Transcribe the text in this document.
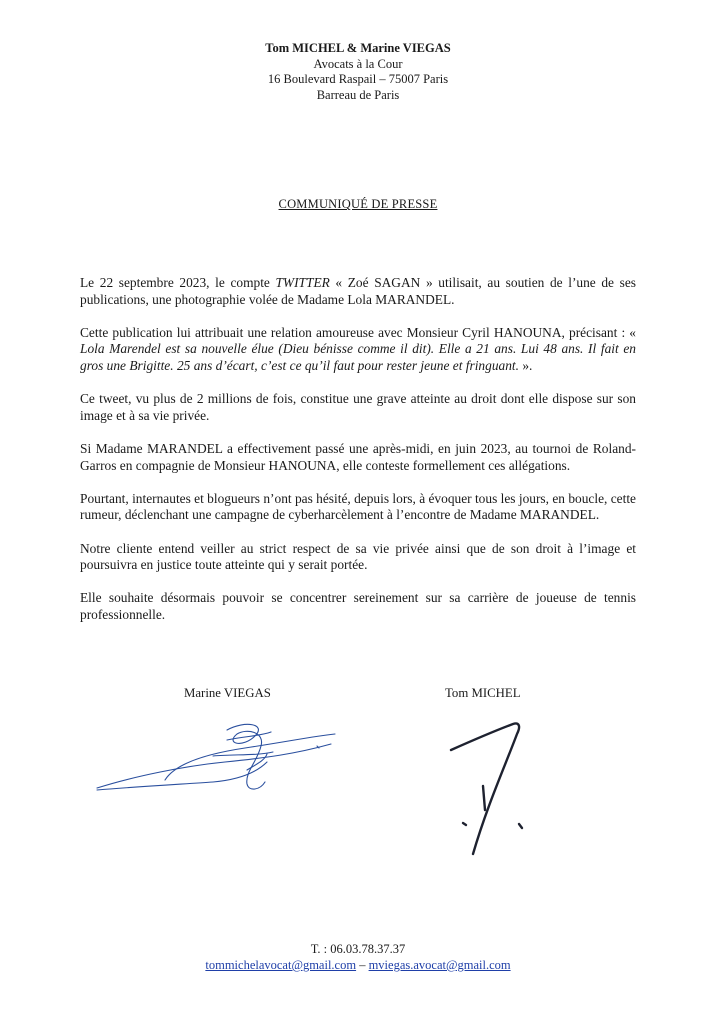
Tom MICHEL & Marine VIEGAS
Avocats à la Cour
16 Boulevard Raspail – 75007 Paris
Barreau de Paris
COMMUNIQUÉ DE PRESSE

Le 22 septembre 2023, le compte TWITTER « Zoé SAGAN » utilisait, au soutien de l’une de ses publications, une photographie volée de Madame Lola MARANDEL.

Cette publication lui attribuait une relation amoureuse avec Monsieur Cyril HANOUNA, précisant : « Lola Marendel est sa nouvelle élue (Dieu bénisse comme il dit). Elle a 21 ans. Lui 48 ans. Il fait en gros une Brigitte. 25 ans d’écart, c’est ce qu’il faut pour rester jeune et fringuant. ».

Ce tweet, vu plus de 2 millions de fois, constitue une grave atteinte au droit dont elle dispose sur son image et à sa vie privée.

Si Madame MARANDEL a effectivement passé une après-midi, en juin 2023, au tournoi de Roland-Garros en compagnie de Monsieur HANOUNA, elle conteste formellement ces allégations.

Pourtant, internautes et blogueurs n’ont pas hésité, depuis lors, à évoquer tous les jours, en boucle, cette rumeur, déclenchant une campagne de cyberharcèlement à l’encontre de Madame MARANDEL.

Notre cliente entend veiller au strict respect de sa vie privée ainsi que de son droit à l’image et poursuivra en justice toute atteinte qui y serait portée.

Elle souhaite désormais pouvoir se concentrer sereinement sur sa carrière de joueuse de tennis professionnelle.

Marine VIEGAS	Tom MICHEL
T. : 06.03.78.37.37
tommichelavocat@gmail.com – mviegas.avocat@gmail.com
